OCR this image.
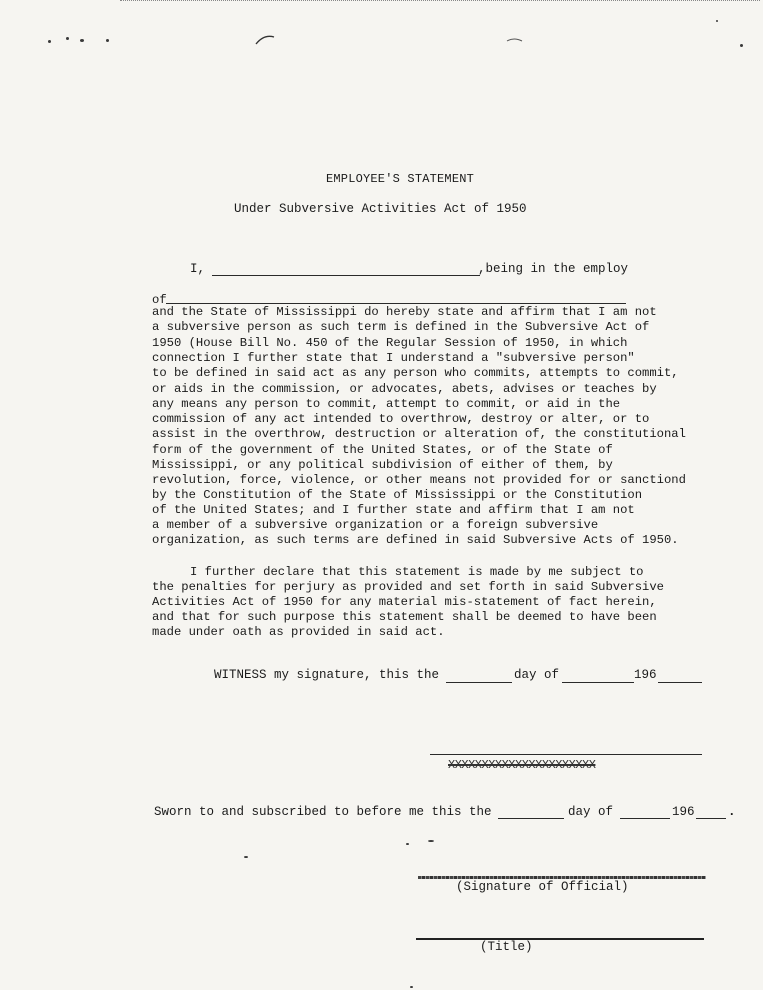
EMPLOYEE'S STATEMENT
Under Subversive Activities Act of 1950
I,	,being in the employ
of
and the State of Mississippi do hereby state and affirm that I am not
a subversive person as such term is defined in the Subversive Act of
1950 (House Bill No. 450 of the Regular Session of 1950, in which
connection I further state that I understand a "subversive person"
to be defined in said act as any person who commits, attempts to commit,
or aids in the commission, or advocates, abets, advises or teaches by
any means any person to commit, attempt to commit, or aid in the
commission of any act intended to overthrow, destroy or alter, or to
assist in the overthrow, destruction or alteration of, the constitutional
form of the government of the United States, or of the State of
Mississippi, or any political subdivision of either of them, by
revolution, force, violence, or other means not provided for or sanctiond
by the Constitution of the State of Mississippi or the Constitution
of the United States; and I further state and affirm that I am not
a member of a subversive organization or a foreign subversive
organization, as such terms are defined in said Subversive Acts of 1950.
I further declare that this statement is made by me subject to
the penalties for perjury as provided and set forth in said Subversive
Activities Act of 1950 for any material mis-statement of fact herein,
and that for such purpose this statement shall be deemed to have been
made under oath as provided in said act.
WITNESS my signature, this the	day of	196
XXXXXXXXXXXXXXXXXXXXXX
Sworn to and subscribed to before me this the	day of	196	.
(Signature of Official)
(Title)
